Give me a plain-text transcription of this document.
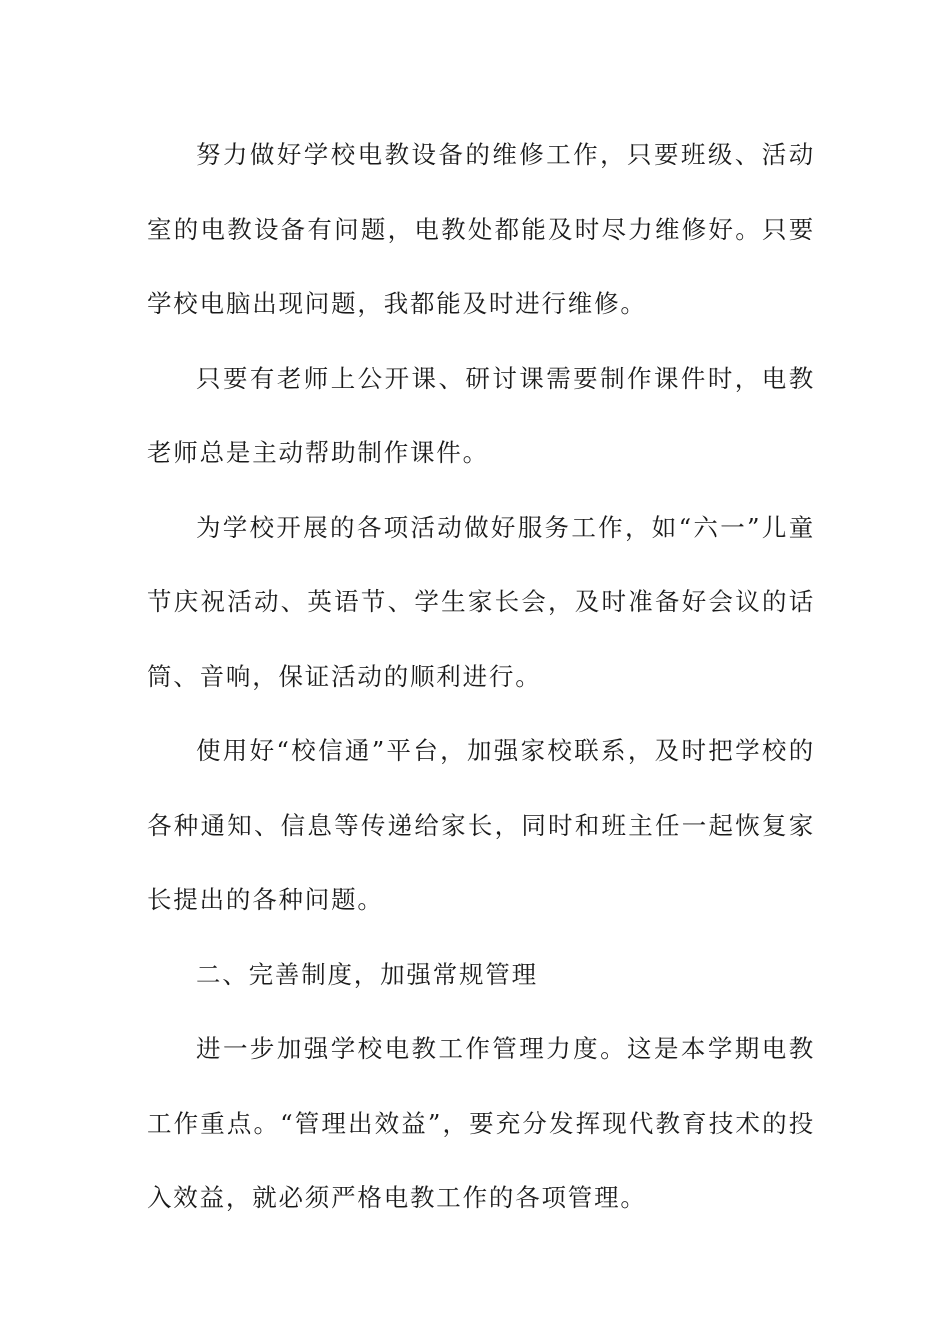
努力做好学校电教设备的维修工作，只要班级、活动室的电教设备有问题，电教处都能及时尽力维修好。只要学校电脑出现问题，我都能及时进行维修。

只要有老师上公开课、研讨课需要制作课件时，电教老师总是主动帮助制作课件。

为学校开展的各项活动做好服务工作，如“六一”儿童节庆祝活动、英语节、学生家长会，及时准备好会议的话筒、音响，保证活动的顺利进行。

使用好“校信通”平台，加强家校联系，及时把学校的各种通知、信息等传递给家长，同时和班主任一起恢复家长提出的各种问题。

二、完善制度，加强常规管理

进一步加强学校电教工作管理力度。这是本学期电教工作重点。“管理出效益”，要充分发挥现代教育技术的投入效益，就必须严格电教工作的各项管理。
